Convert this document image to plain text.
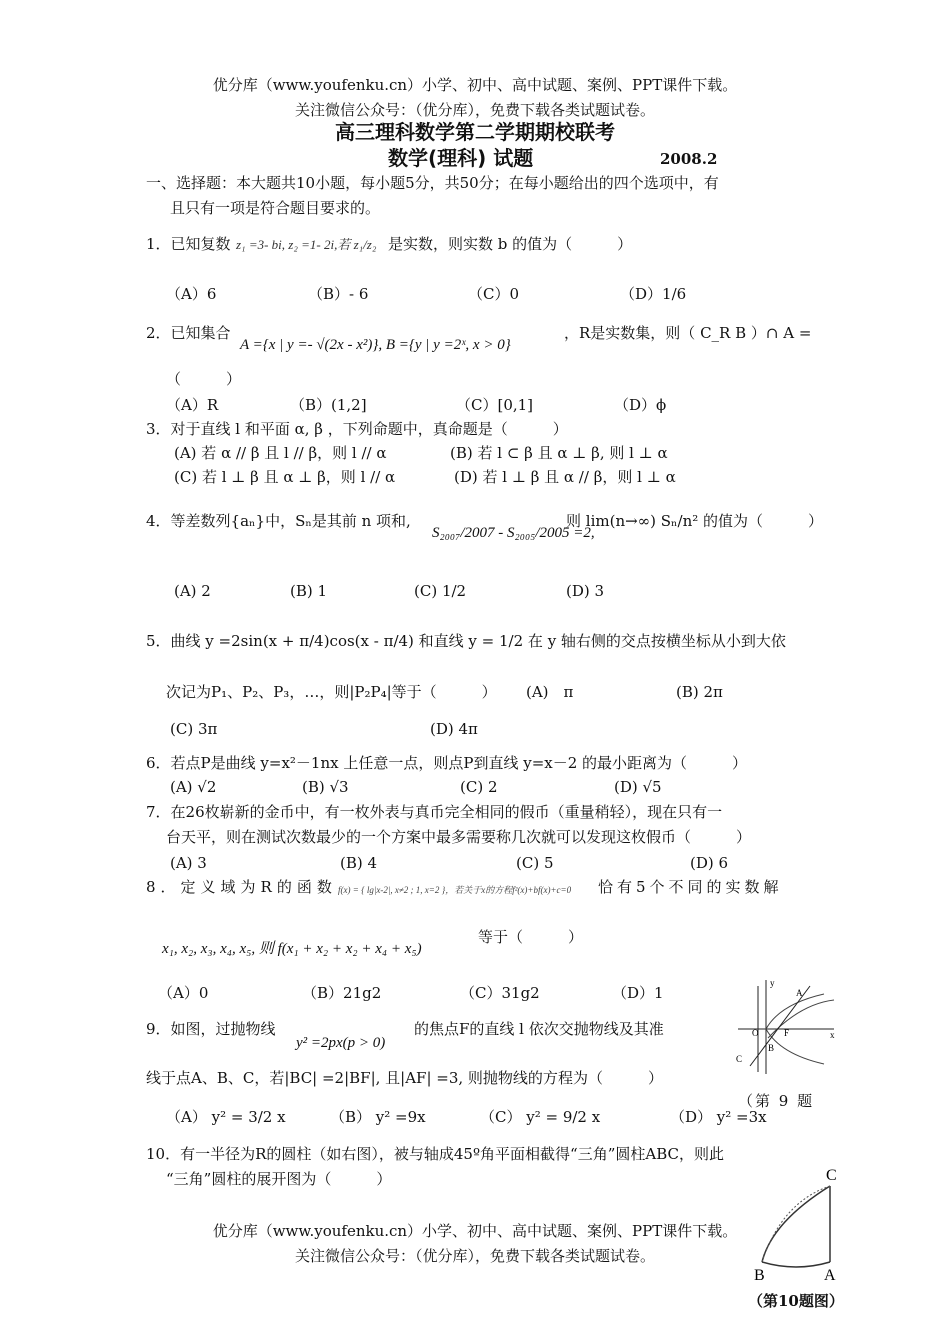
优分库（www.youfenku.cn）小学、初中、高中试题、案例、PPT课件下载。
关注微信公众号：（优分库），免费下载各类试题试卷。
高三理科数学第二学期期校联考
数学(理科) 试题	2008.2
一、选择题：本大题共10小题，每小题5分，共50分；在每小题给出的四个选项中，有
且只有一项是符合题目要求的。
1．已知复数 z₁ =3- bi, z₂ =1- 2i,若 z₁/z₂ 是实数，则实数 b 的值为（　　　）
（A）6	（B）- 6	（C）0	（D）1/6
2．已知集合
A ={x | y =- √(2x - x²)}, B ={y | y =2ˣ, x > 0}
，R是实数集，则（ C_R B ）∩ A =
（　　　）
（A）R	（B）(1,2]	（C）[0,1]	（D）ϕ
3．对于直线 l 和平面 α, β ，下列命题中，真命题是（　　　）
(A) 若 α // β 且 l // β，则 l // α	(B) 若 l ⊂ β 且 α ⊥ β, 则 l ⊥ α
(C) 若 l ⊥ β 且 α ⊥ β，则 l // α	(D) 若 l ⊥ β 且 α // β，则 l ⊥ α
4．等差数列{aₙ}中，Sₙ是其前 n 项和,
S₂₀₀₇/2007 - S₂₀₀₅/2005 =2,
则 lim(n→∞) Sₙ/n² 的值为（　　　）
(A) 2	(B) 1	(C) 1/2	(D) 3
5．曲线 y =2sin(x + π/4)cos(x - π/4) 和直线 y = 1/2 在 y 轴右侧的交点按横坐标从小到大依
次记为P₁、P₂、P₃，…，则|P₂P₄|等于（　　　） (A)　π	(B) 2π
(C) 3π	(D) 4π
6．若点P是曲线 y=x²－1nx 上任意一点，则点P到直线 y=x－2 的最小距离为（　　　）
(A) √2	(B) √3	(C) 2	(D) √5
7．在26枚崭新的金币中，有一枚外表与真币完全相同的假币（重量稍轻），现在只有一
台天平，则在测试次数最少的一个方案中最多需要称几次就可以发现这枚假币（　　　）
(A) 3	(B) 4	(C) 5	(D) 6
8．定义域为R的函数 f(x) = { lg|x-2|, x≠2 ; 1, x=2 }，若关于x的方程f²(x)+bf(x)+c=0 恰有5个不同的实数解
x₁, x₂, x₃, x₄, x₅, 则 f(x₁ + x₂ + x₂ + x₄ + x₅)
等于（　　　）
（A）0	（B）21g2	（C）31g2	（D）1
9．如图，过抛物线
y² =2px(p > 0)
的焦点F的直线 l 依次交抛物线及其准
线于点A、B、C，若|BC| =2|BF|, 且|AF| =3, 则抛物线的方程为（　　　）
（A） y² = 3/2 x	（B） y² =9x	（C） y² = 9/2 x	（D） y² =3x
（第 9 题
y
A
O	F	x
B
C
10．有一半径为R的圆柱（如右图），被与轴成45º角平面相截得“三角”圆柱ABC，则此
“三角”圆柱的展开图为（　　　）	C
B	A
（第10题图）
优分库（www.youfenku.cn）小学、初中、高中试题、案例、PPT课件下载。
关注微信公众号：（优分库），免费下载各类试题试卷。
